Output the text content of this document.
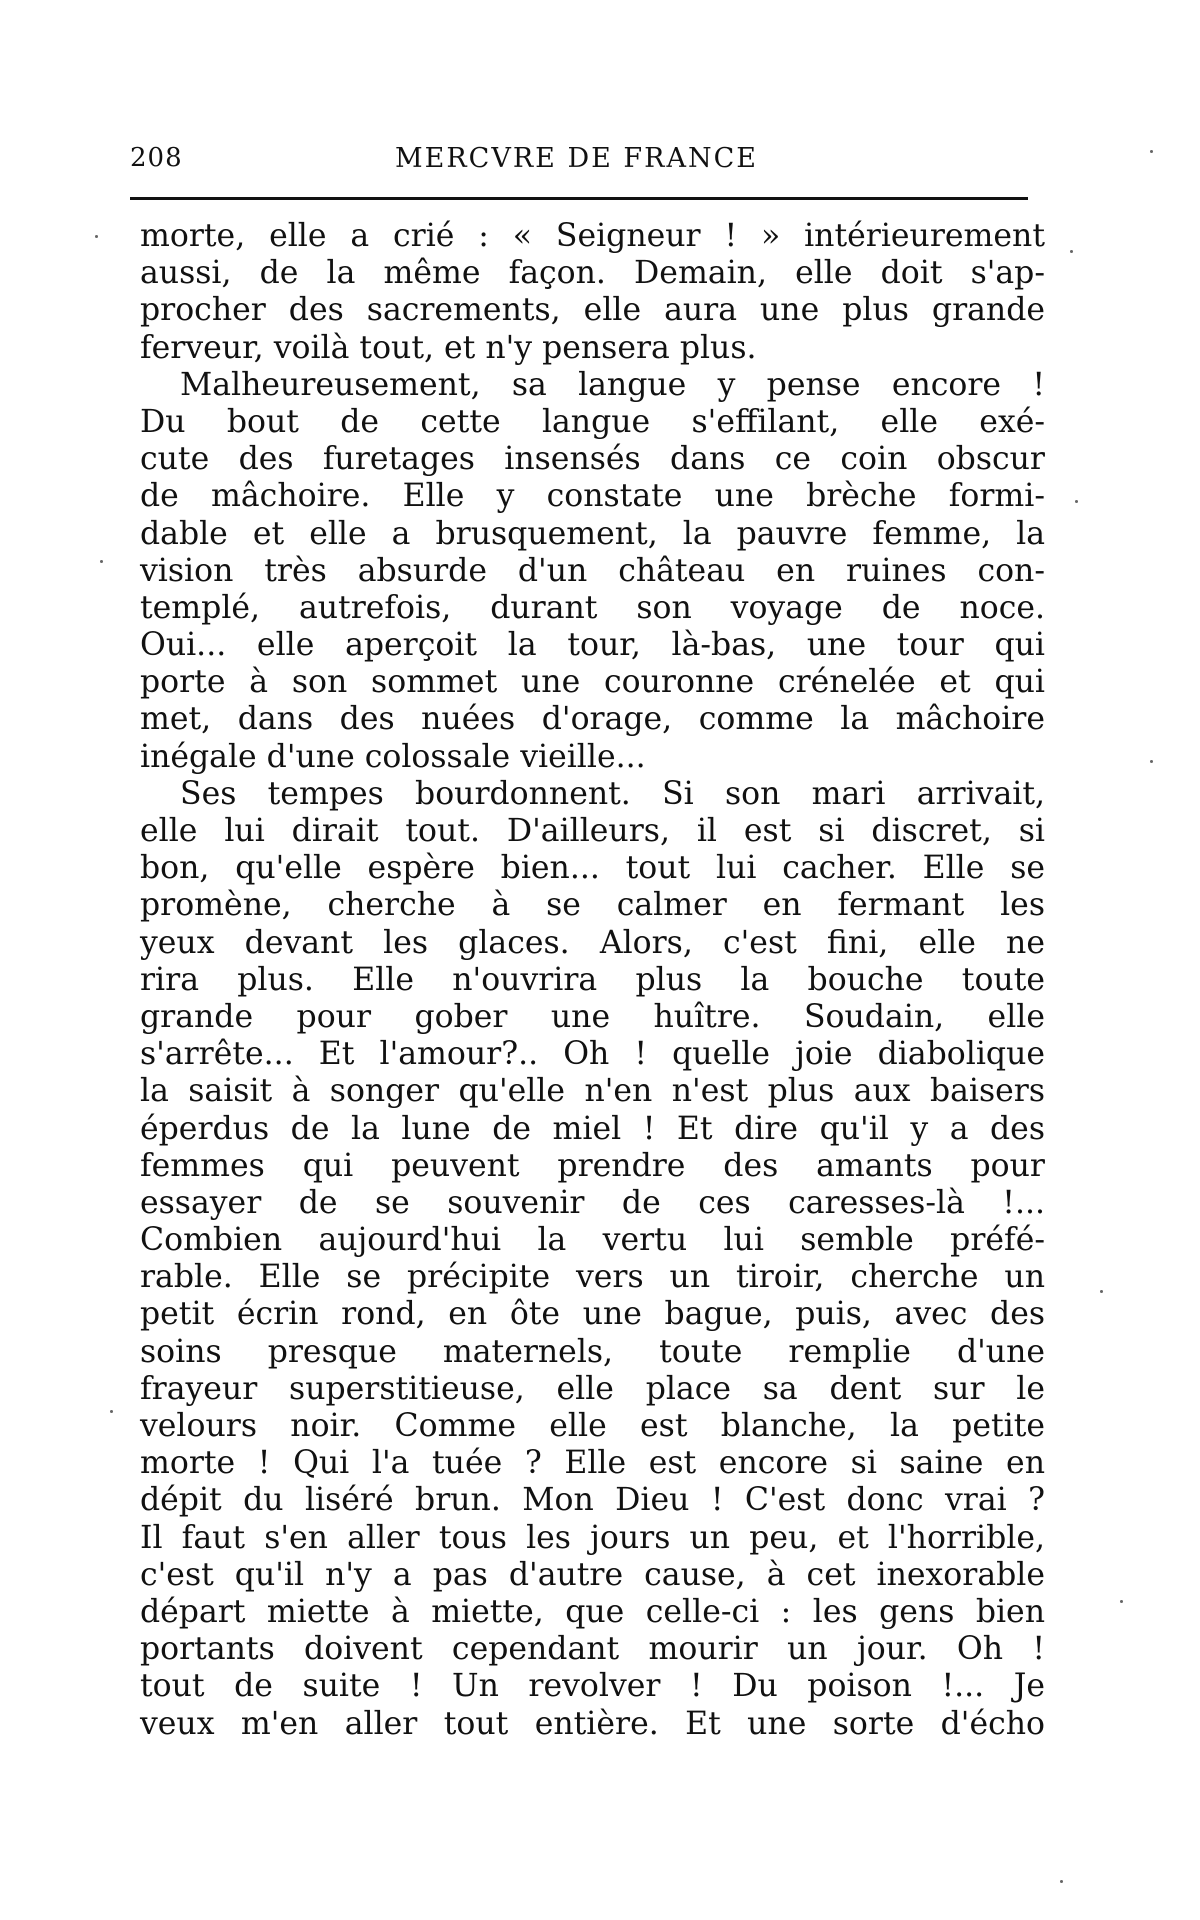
208	MERCVRE DE FRANCE
morte, elle a crié : « Seigneur ! » intérieurement
aussi, de la même façon. Demain, elle doit s'ap-
procher des sacrements, elle aura une plus grande
ferveur, voilà tout, et n'y pensera plus.
Malheureusement, sa langue y pense encore !
Du bout de cette langue s'effilant, elle exé-
cute des furetages insensés dans ce coin obscur
de mâchoire. Elle y constate une brèche formi-
dable et elle a brusquement, la pauvre femme, la
vision très absurde d'un château en ruines con-
templé, autrefois, durant son voyage de noce.
Oui... elle aperçoit la tour, là-bas, une tour qui
porte à son sommet une couronne crénelée et qui
met, dans des nuées d'orage, comme la mâchoire
inégale d'une colossale vieille...
Ses tempes bourdonnent. Si son mari arrivait,
elle lui dirait tout. D'ailleurs, il est si discret, si
bon, qu'elle espère bien... tout lui cacher. Elle se
promène, cherche à se calmer en fermant les
yeux devant les glaces. Alors, c'est fini, elle ne
rira plus. Elle n'ouvrira plus la bouche toute
grande pour gober une huître. Soudain, elle
s'arrête... Et l'amour?.. Oh ! quelle joie diabolique
la saisit à songer qu'elle n'en n'est plus aux baisers
éperdus de la lune de miel ! Et dire qu'il y a des
femmes qui peuvent prendre des amants pour
essayer de se souvenir de ces caresses-là !...
Combien aujourd'hui la vertu lui semble préfé-
rable. Elle se précipite vers un tiroir, cherche un
petit écrin rond, en ôte une bague, puis, avec des
soins presque maternels, toute remplie d'une
frayeur superstitieuse, elle place sa dent sur le
velours noir. Comme elle est blanche, la petite
morte ! Qui l'a tuée ? Elle est encore si saine en
dépit du liséré brun. Mon Dieu ! C'est donc vrai ?
Il faut s'en aller tous les jours un peu, et l'horrible,
c'est qu'il n'y a pas d'autre cause, à cet inexorable
départ miette à miette, que celle-ci : les gens bien
portants doivent cependant mourir un jour. Oh !
tout de suite ! Un revolver ! Du poison !... Je
veux m'en aller tout entière. Et une sorte d'écho
